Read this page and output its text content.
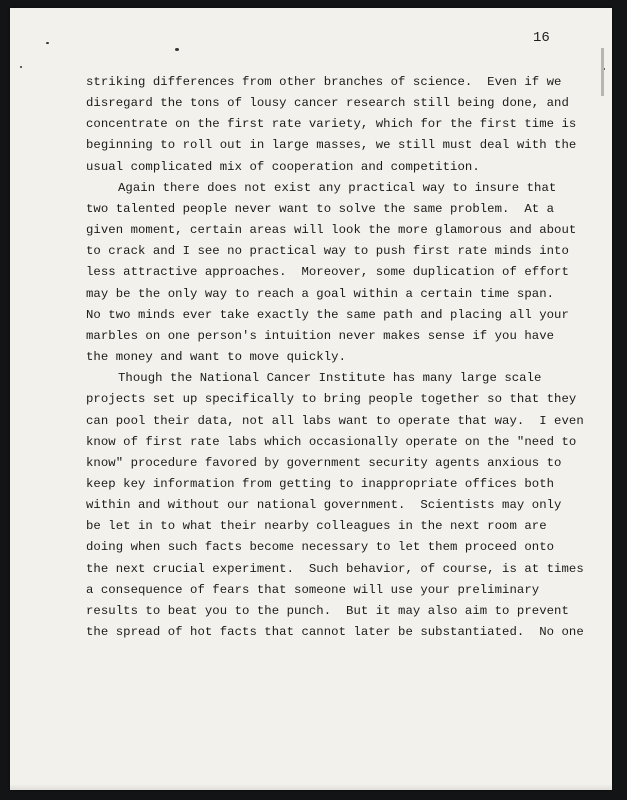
16
striking differences from other branches of science.  Even if we
disregard the tons of lousy cancer research still being done, and
concentrate on the first rate variety, which for the first time is
beginning to roll out in large masses, we still must deal with the
usual complicated mix of cooperation and competition.
Again there does not exist any practical way to insure that
two talented people never want to solve the same problem.  At a
given moment, certain areas will look the more glamorous and about
to crack and I see no practical way to push first rate minds into
less attractive approaches.  Moreover, some duplication of effort
may be the only way to reach a goal within a certain time span.
No two minds ever take exactly the same path and placing all your
marbles on one person's intuition never makes sense if you have
the money and want to move quickly.
Though the National Cancer Institute has many large scale
projects set up specifically to bring people together so that they
can pool their data, not all labs want to operate that way.  I even
know of first rate labs which occasionally operate on the "need to
know" procedure favored by government security agents anxious to
keep key information from getting to inappropriate offices both
within and without our national government.  Scientists may only
be let in to what their nearby colleagues in the next room are
doing when such facts become necessary to let them proceed onto
the next crucial experiment.  Such behavior, of course, is at times
a consequence of fears that someone will use your preliminary
results to beat you to the punch.  But it may also aim to prevent
the spread of hot facts that cannot later be substantiated.  No one
